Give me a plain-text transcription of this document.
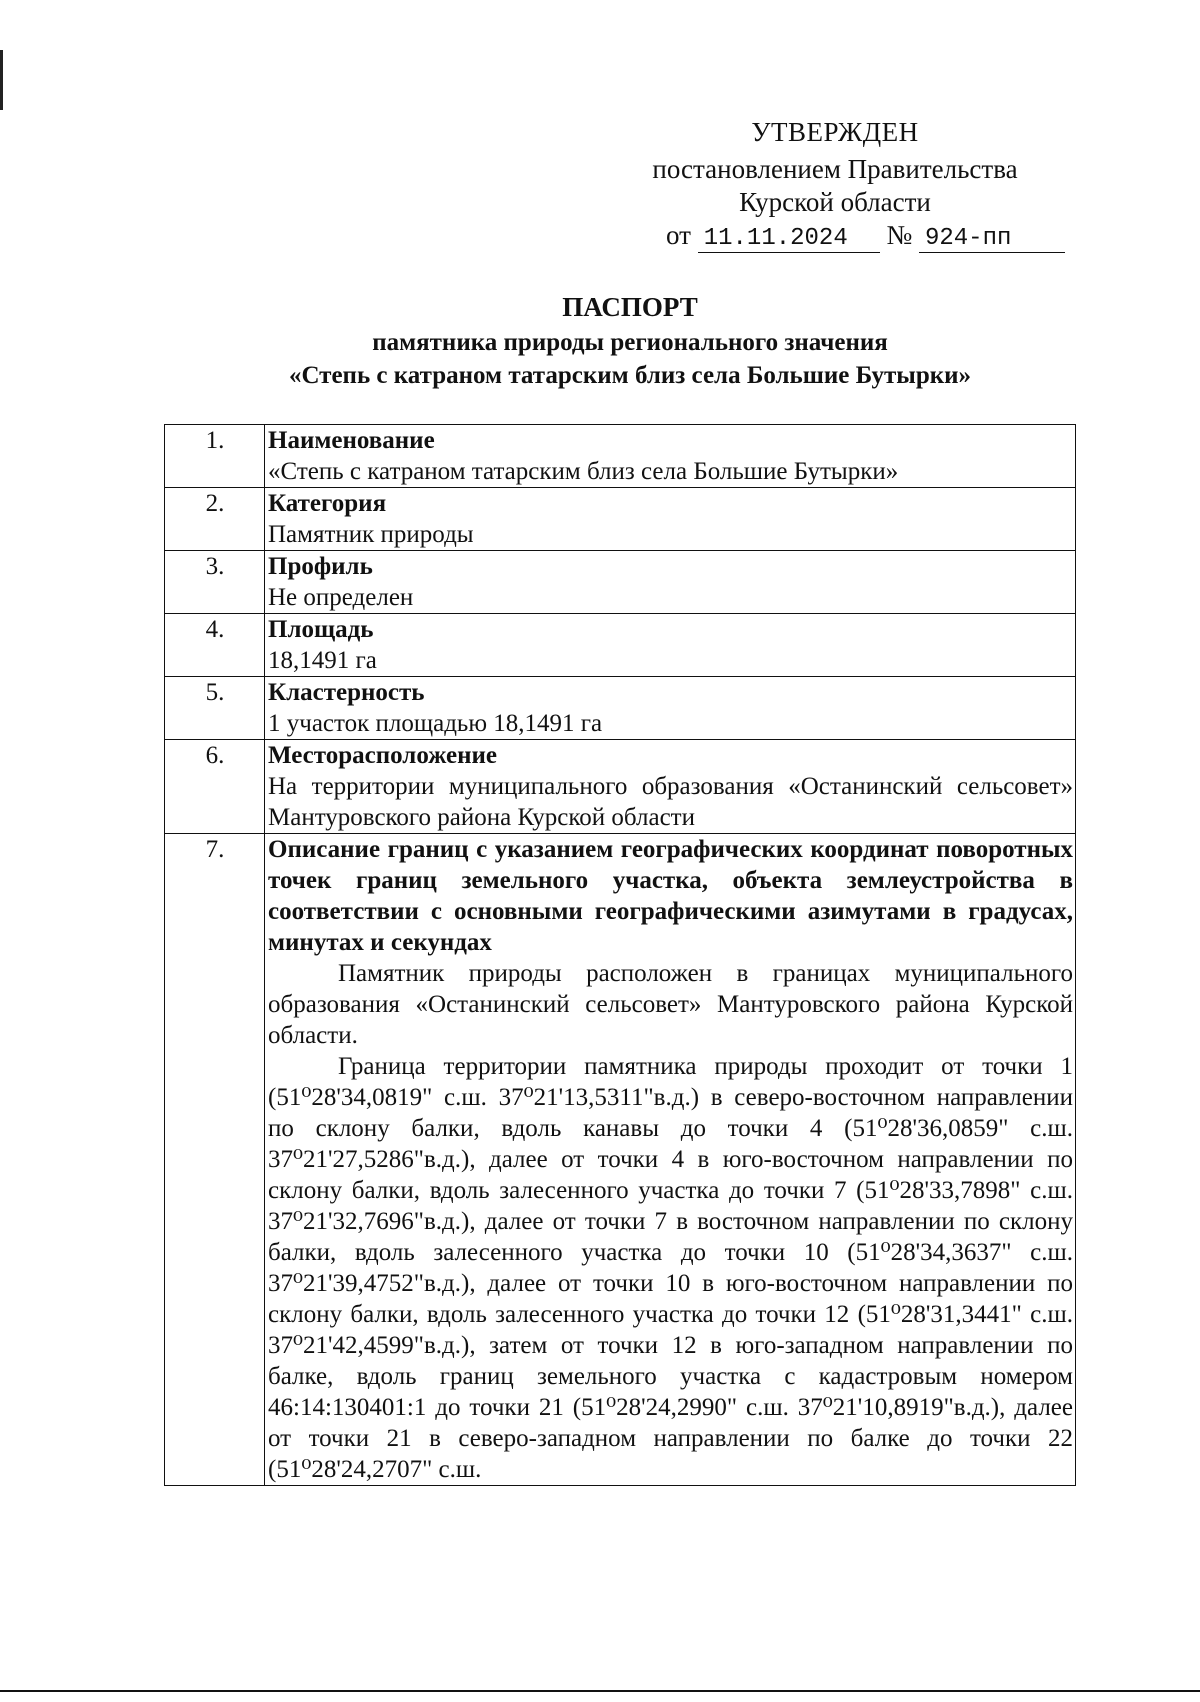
УТВЕРЖДЕН
постановлением Правительства
Курской области
от 11.11.2024 № 924-пп
ПАСПОРТ
памятника природы регионального значения
«Степь с катраном татарским близ села Большие Бутырки»
1.	Наименование
«Степь с катраном татарским близ села Большие Бутырки»

2.	Категория
Памятник природы

3.	Профиль
Не определен

4.	Площадь
18,1491 га

5.	Кластерность
1 участок площадью 18,1491 га

6.	Месторасположение
На территории муниципального образования «Останинский сельсовет» Мантуровского района Курской области

7.	Описание границ с указанием географических координат поворотных точек границ земельного участка, объекта землеустройства в соответствии с основными географическими азимутами в градусах, минутах и секундах
Памятник природы расположен в границах муниципального образования «Останинский сельсовет» Мантуровского района Курской области.
Граница территории памятника природы проходит от точки 1 (51⁰28'34,0819" с.ш. 37⁰21'13,5311"в.д.) в северо-восточном направлении по склону балки, вдоль канавы до точки 4 (51⁰28'36,0859" с.ш. 37⁰21'27,5286"в.д.), далее от точки 4 в юго-восточном направлении по склону балки, вдоль залесенного участка до точки 7 (51⁰28'33,7898" с.ш. 37⁰21'32,7696"в.д.), далее от точки 7 в восточном направлении по склону балки, вдоль залесенного участка до точки 10 (51⁰28'34,3637" с.ш. 37⁰21'39,4752"в.д.), далее от точки 10 в юго-восточном направлении по склону балки, вдоль залесенного участка до точки 12 (51⁰28'31,3441" с.ш. 37⁰21'42,4599"в.д.), затем от точки 12 в юго-западном направлении по балке, вдоль границ земельного участка с кадастровым номером 46:14:130401:1 до точки 21 (51⁰28'24,2990" с.ш. 37⁰21'10,8919"в.д.), далее от точки 21 в северо-западном направлении по балке до точки 22 (51⁰28'24,2707" с.ш.
